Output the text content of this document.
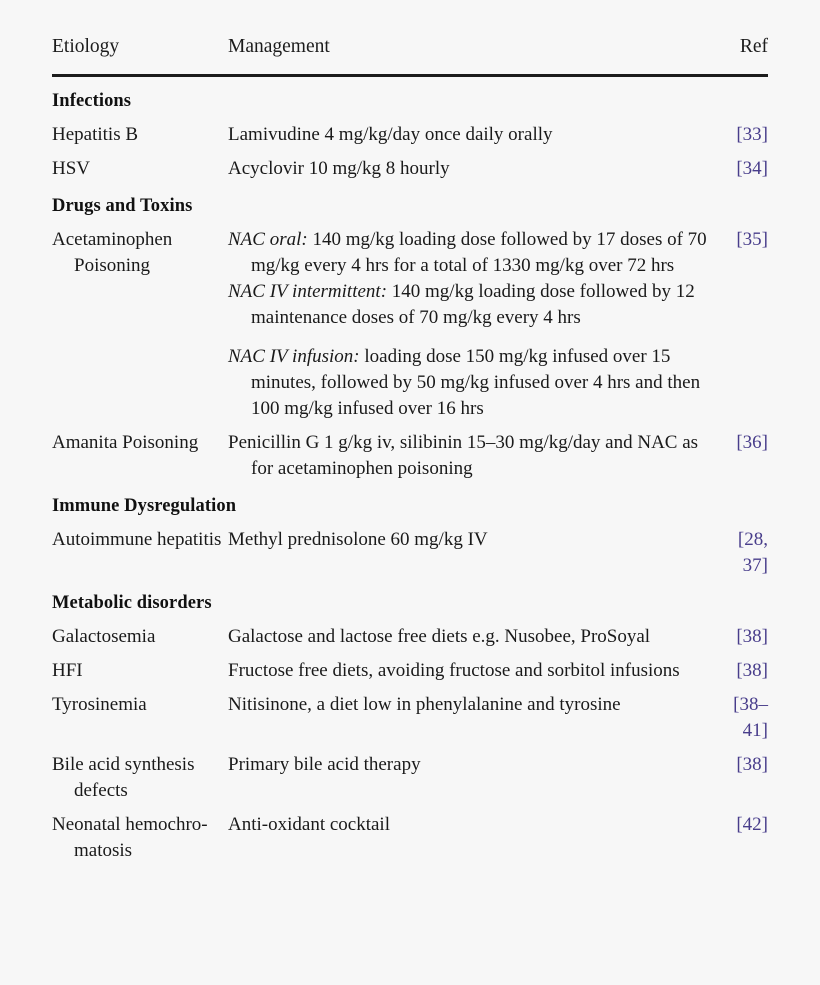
Etiology	Management	Ref
Infections		

Hepatitis B	Lamivudine 4 mg/kg/day once daily orally	[33]

HSV	Acyclovir 10 mg/kg 8 hourly	[34]
Drugs and Toxins		

Acetaminophen Poisoning	NAC oral: 140 mg/kg loading dose followed by 17 doses of 70 mg/kg every 4 hrs for a total of 1330 mg/kg over 72 hrs
NAC IV intermittent: 140 mg/kg loading dose followed by 12 maintenance doses of 70 mg/kg every 4 hrs
NAC IV infusion: loading dose 150 mg/kg infused over 15 minutes, followed by 50 mg/kg infused over 4 hrs and then 100 mg/kg infused over 16 hrs	[35]

Amanita Poisoning	Penicillin G 1 g/kg iv, silibinin 15–30 mg/kg/day and NAC as for acetaminophen poisoning	[36]
Immune Dysregulation		

Autoimmune hepatitis	Methyl prednisolone 60 mg/kg IV	[28, 37]
Metabolic disorders		

Galactosemia	Galactose and lactose free diets e.g. Nusobee, ProSoyal	[38]

HFI	Fructose free diets, avoiding fructose and sorbitol infusions	[38]

Tyrosinemia	Nitisinone, a diet low in phenylalanine and tyrosine	[38–41]

Bile acid synthesis defects	Primary bile acid therapy	[38]

Neonatal hemochro-matosis	Anti-oxidant cocktail	[42]
